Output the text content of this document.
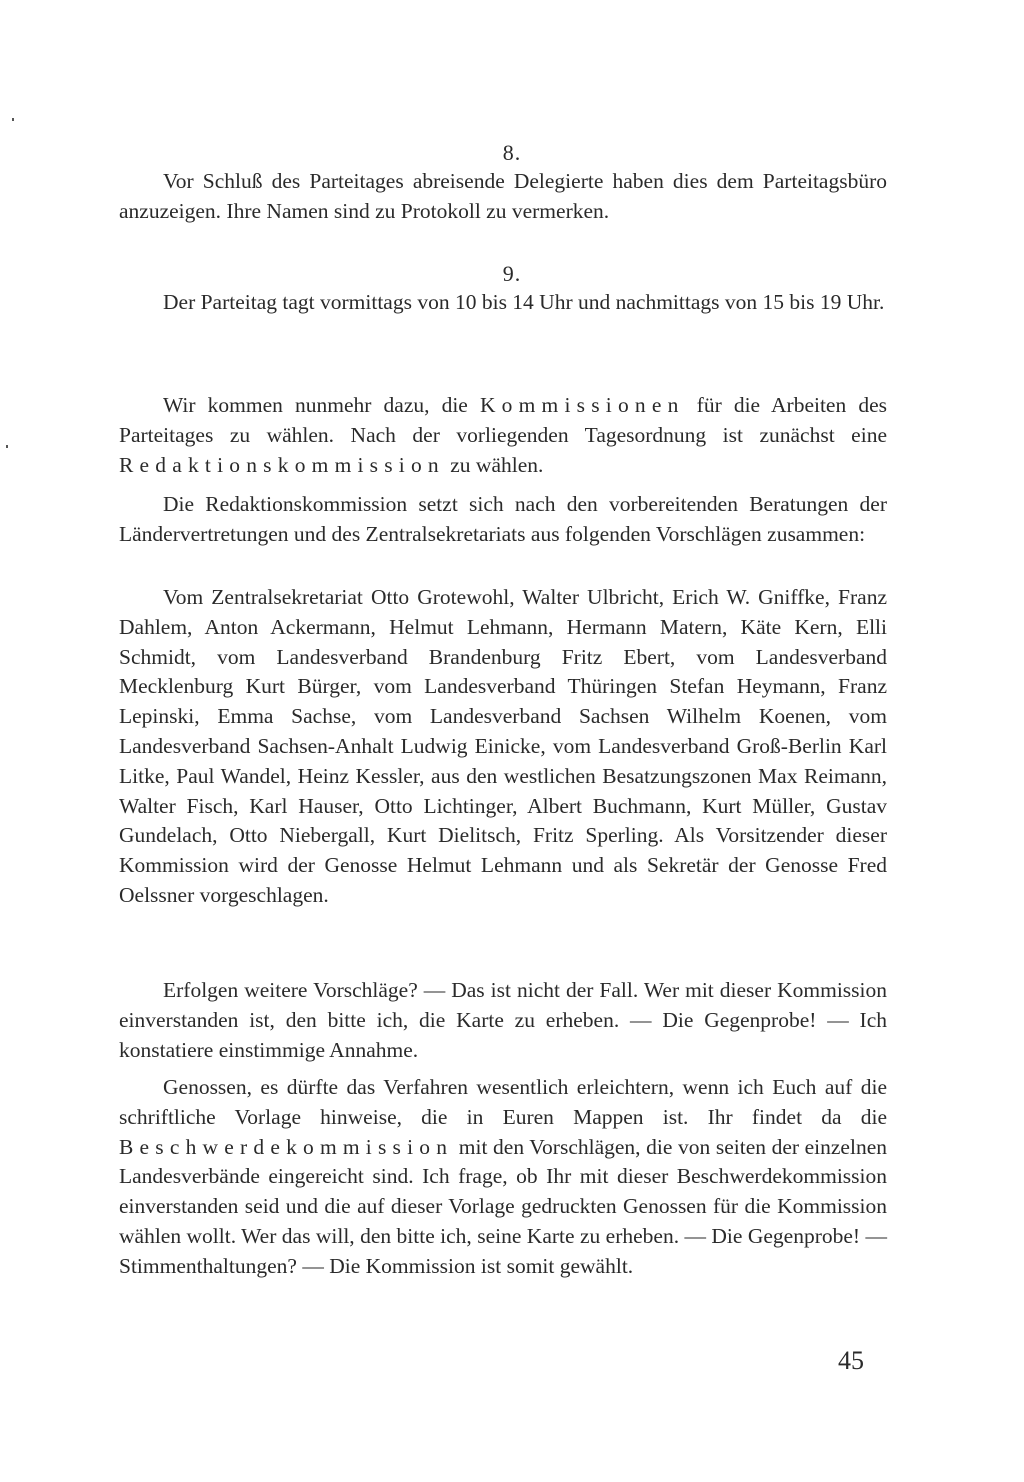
8.

Vor Schluß des Parteitages abreisende Delegierte haben dies dem Parteitagsbüro anzuzeigen. Ihre Namen sind zu Protokoll zu vermerken.

9.

Der Parteitag tagt vormittags von 10 bis 14 Uhr und nachmittags von 15 bis 19 Uhr.

Wir kommen nunmehr dazu, die Kommissionen für die Arbeiten des Parteitages zu wählen. Nach der vorliegenden Tagesordnung ist zunächst eine Redaktionskommission zu wählen.

Die Redaktionskommission setzt sich nach den vorbereitenden Beratungen der Ländervertretungen und des Zentralsekretariats aus folgenden Vorschlägen zusammen:

Vom Zentralsekretariat Otto Grotewohl, Walter Ulbricht, Erich W. Gniffke, Franz Dahlem, Anton Ackermann, Helmut Lehmann, Hermann Matern, Käte Kern, Elli Schmidt, vom Landesverband Brandenburg Fritz Ebert, vom Landesverband Mecklenburg Kurt Bürger, vom Landesverband Thüringen Stefan Heymann, Franz Lepinski, Emma Sachse, vom Landesverband Sachsen Wilhelm Koenen, vom Landesverband Sachsen-Anhalt Ludwig Einicke, vom Landesverband Groß-Berlin Karl Litke, Paul Wandel, Heinz Kessler, aus den westlichen Besatzungszonen Max Reimann, Walter Fisch, Karl Hauser, Otto Lichtinger, Albert Buchmann, Kurt Müller, Gustav Gundelach, Otto Niebergall, Kurt Dielitsch, Fritz Sperling. Als Vorsitzender dieser Kommission wird der Genosse Helmut Lehmann und als Sekretär der Genosse Fred Oelssner vorgeschlagen.

Erfolgen weitere Vorschläge? — Das ist nicht der Fall. Wer mit dieser Kommission einverstanden ist, den bitte ich, die Karte zu erheben. — Die Gegenprobe! — Ich konstatiere einstimmige Annahme.

Genossen, es dürfte das Verfahren wesentlich erleichtern, wenn ich Euch auf die schriftliche Vorlage hinweise, die in Euren Mappen ist. Ihr findet da die Beschwerdekommission mit den Vorschlägen, die von seiten der einzelnen Landesverbände eingereicht sind. Ich frage, ob Ihr mit dieser Beschwerdekommission einverstanden seid und die auf dieser Vorlage gedruckten Genossen für die Kommission wählen wollt. Wer das will, den bitte ich, seine Karte zu erheben. — Die Gegenprobe! — Stimmenthaltungen? — Die Kommission ist somit gewählt.

45
